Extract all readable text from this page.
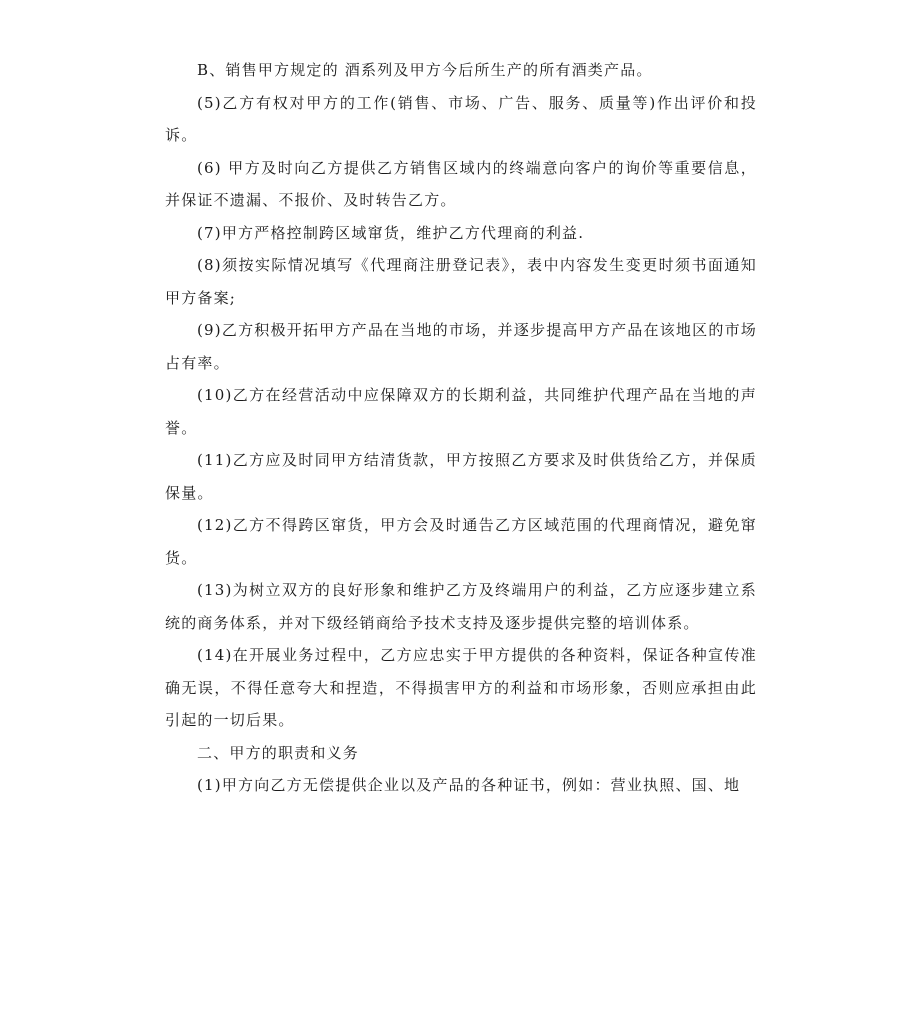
B、销售甲方规定的 酒系列及甲方今后所生产的所有酒类产品。

(5)乙方有权对甲方的工作(销售、市场、广告、服务、质量等)作出评价和投诉。

(6) 甲方及时向乙方提供乙方销售区域内的终端意向客户的询价等重要信息，并保证不遗漏、不报价、及时转告乙方。

(7)甲方严格控制跨区域窜货，维护乙方代理商的利益.

(8)须按实际情况填写《代理商注册登记表》，表中内容发生变更时须书面通知甲方备案;

(9)乙方积极开拓甲方产品在当地的市场，并逐步提高甲方产品在该地区的市场占有率。

(10)乙方在经营活动中应保障双方的长期利益，共同维护代理产品在当地的声誉。

(11)乙方应及时同甲方结清货款，甲方按照乙方要求及时供货给乙方，并保质保量。

(12)乙方不得跨区窜货，甲方会及时通告乙方区域范围的代理商情况，避免窜货。

(13)为树立双方的良好形象和维护乙方及终端用户的利益，乙方应逐步建立系统的商务体系，并对下级经销商给予技术支持及逐步提供完整的培训体系。

(14)在开展业务过程中，乙方应忠实于甲方提供的各种资料，保证各种宣传准确无误，不得任意夸大和捏造，不得损害甲方的利益和市场形象，否则应承担由此引起的一切后果。

二、甲方的职责和义务

(1)甲方向乙方无偿提供企业以及产品的各种证书，例如：营业执照、国、地
